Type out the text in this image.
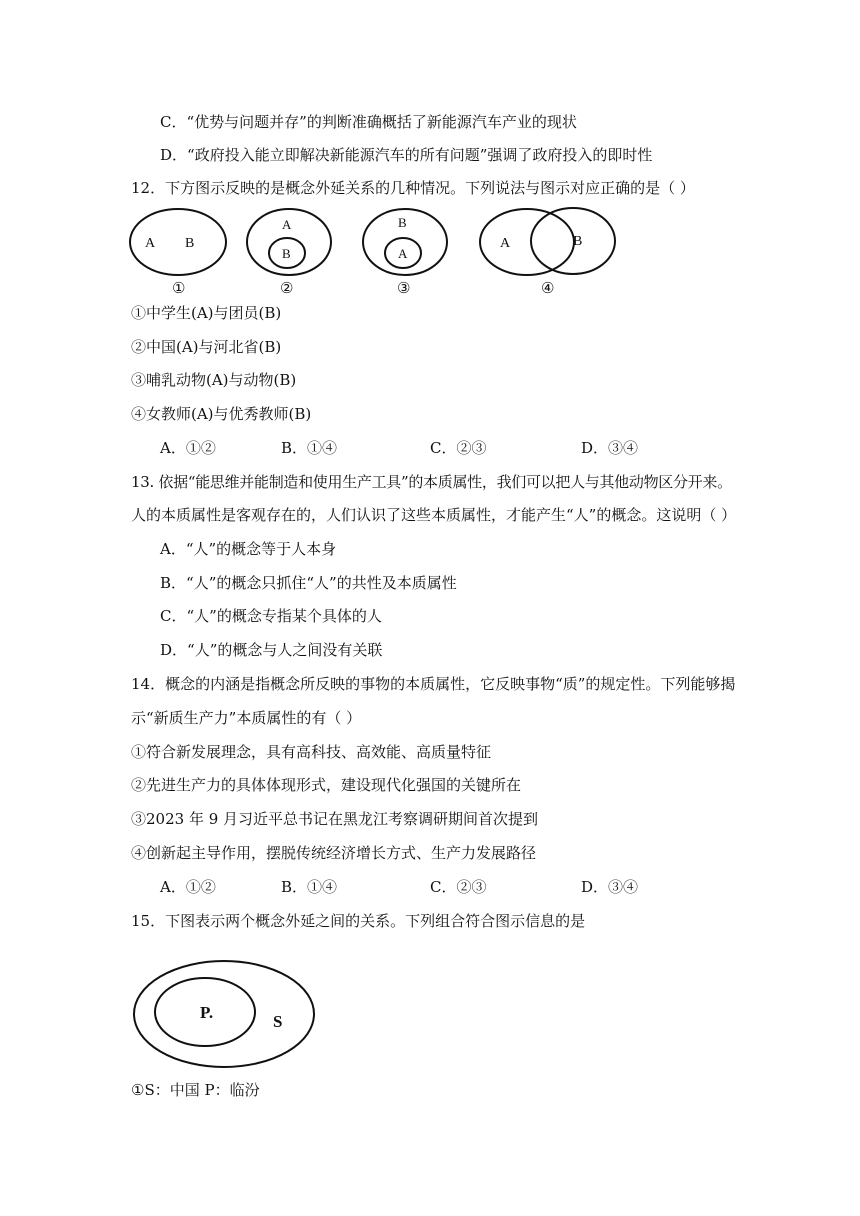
C．“优势与问题并存”的判断准确概括了新能源汽车产业的现状
D．“政府投入能立即解决新能源汽车的所有问题”强调了政府投入的即时性
12．下方图示反映的是概念外延关系的几种情况。下列说法与图示对应正确的是（ ）
A B
①
A
B
②
B
A
③
A	B
④
①中学生(A)与团员(B)
②中国(A)与河北省(B)
③哺乳动物(A)与动物(B)
④女教师(A)与优秀教师(B)
A．①②	B．①④	C．②③	D．③④
13. 依据“能思维并能制造和使用生产工具”的本质属性，我们可以把人与其他动物区分开来。
人的本质属性是客观存在的，人们认识了这些本质属性，才能产生“人”的概念。这说明（ ）
A．“人”的概念等于人本身
B．“人”的概念只抓住“人”的共性及本质属性
C．“人”的概念专指某个具体的人
D．“人”的概念与人之间没有关联
14．概念的内涵是指概念所反映的事物的本质属性，它反映事物“质”的规定性。下列能够揭
示“新质生产力”本质属性的有（ ）
①符合新发展理念，具有高科技、高效能、高质量特征
②先进生产力的具体体现形式，建设现代化强国的关键所在
③2023 年 9 月习近平总书记在黑龙江考察调研期间首次提到
④创新起主导作用，摆脱传统经济增长方式、生产力发展路径
A．①②	B．①④	C．②③	D．③④
15．下图表示两个概念外延之间的关系。下列组合符合图示信息的是
P.	S
①S：中国 P：临汾
